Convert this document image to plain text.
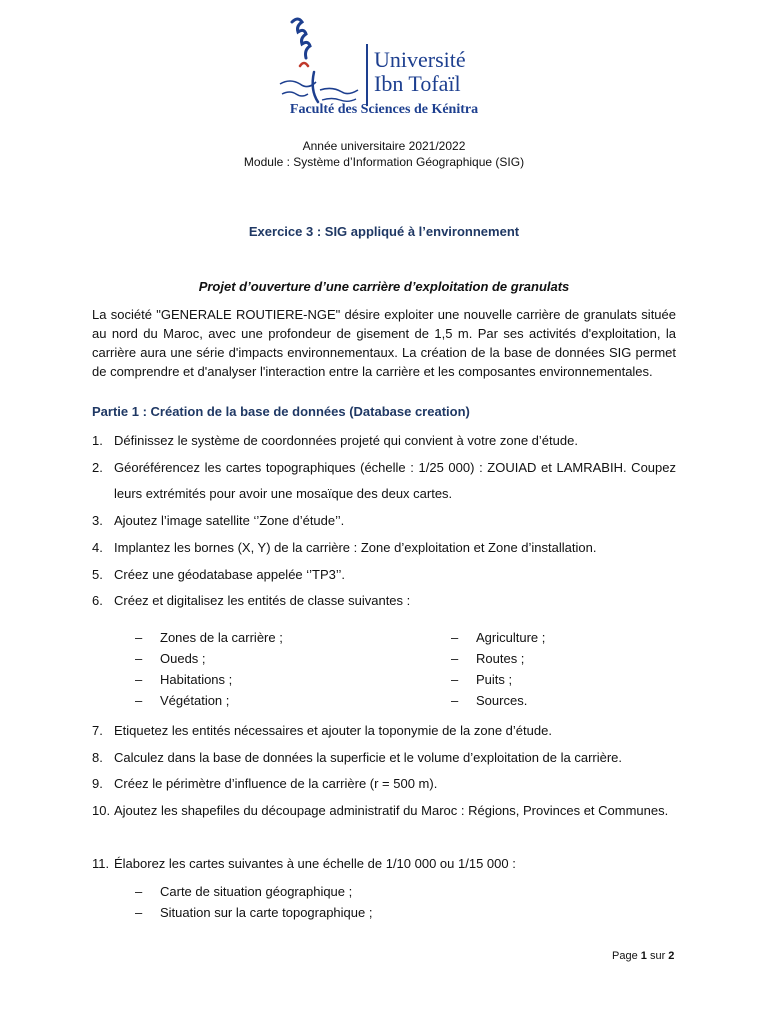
Université
Ibn Tofaïl
Faculté des Sciences de Kénitra
Année universitaire 2021/2022
Module : Système d’Information Géographique (SIG)
Exercice 3 : SIG appliqué à l’environnement
Projet d’ouverture d’une carrière d’exploitation de granulats

La société "GENERALE ROUTIERE-NGE" désire exploiter une nouvelle carrière de granulats située au nord du Maroc, avec une profondeur de gisement de 1,5 m. Par ses activités d'exploitation, la carrière aura une série d'impacts environnementaux. La création de la base de données SIG permet de comprendre et d'analyser l'interaction entre la carrière et les composantes environnementales.

Partie 1 : Création de la base de données (Database creation)
1. Définissez le système de coordonnées projeté qui convient à votre zone d’étude.
2. Géoréférencez les cartes topographiques (échelle : 1/25 000) : ZOUIAD et LAMRABIH. Coupez leurs extrémités pour avoir une mosaïque des deux cartes.
3. Ajoutez l’image satellite ‘’Zone d’étude’’.
4. Implantez les bornes (X, Y) de la carrière : Zone d’exploitation et Zone d’installation.
5. Créez une géodatabase appelée ‘’TP3’’.
6. Créez et digitalisez les entités de classe suivantes :
– Zones de la carrière ;
– Oueds ;
– Habitations ;
– Végétation ;
– Agriculture ;
– Routes ;
– Puits ;
– Sources.
7. Etiquetez les entités nécessaires et ajouter la toponymie de la zone d’étude.
8. Calculez dans la base de données la superficie et le volume d’exploitation de la carrière.
9. Créez le périmètre d’influence de la carrière (r = 500 m).
10. Ajoutez les shapefiles du découpage administratif du Maroc : Régions, Provinces et Communes.
11. Élaborez les cartes suivantes à une échelle de 1/10 000 ou 1/15 000 :
– Carte de situation géographique ;
– Situation sur la carte topographique ;
Page 1 sur 2
